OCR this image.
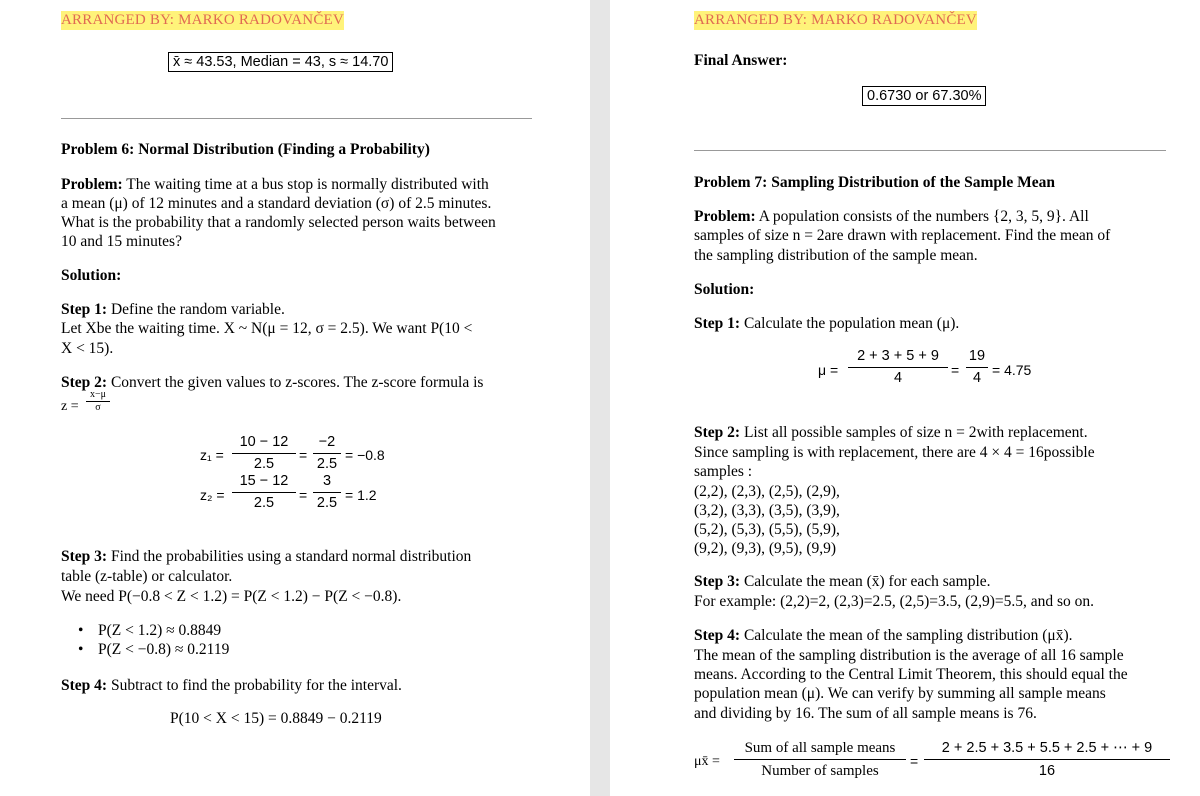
ARRANGED BY: MARKO RADOVANČEV
x̄ ≈ 43.53, Median = 43, s ≈ 14.70
Problem 6: Normal Distribution (Finding a Probability)
Problem: The waiting time at a bus stop is normally distributed with
a mean (μ) of 12 minutes and a standard deviation (σ) of 2.5 minutes.
What is the probability that a randomly selected person waits between
10 and 15 minutes?
Solution:
Step 1: Define the random variable.
Let Xbe the waiting time. X ~ N(μ = 12, σ = 2.5). We want P(10 <
X < 15).
Step 2: Convert the given values to z-scores. The z-score formula is
$z = \frac{x-\mu}{\sigma}$
$z_1 = \frac{10 - 12}{2.5} = \frac{-2}{2.5} = -0.8$
$z_2 = \frac{15 - 12}{2.5} = \frac{3}{2.5} = 1.2$
Step 3: Find the probabilities using a standard normal distribution
table (z-table) or calculator.
We need P(−0.8 < Z < 1.2) = P(Z < 1.2) − P(Z < −0.8).
• P(Z < 1.2) ≈ 0.8849
• P(Z < −0.8) ≈ 0.2119
Step 4: Subtract to find the probability for the interval.
P(10 < X < 15) = 0.8849 − 0.2119
ARRANGED BY: MARKO RADOVANČEV
Final Answer:
0.6730 or 67.30%
Problem 7: Sampling Distribution of the Sample Mean
Problem: A population consists of the numbers {2, 3, 5, 9}. All
samples of size n = 2are drawn with replacement. Find the mean of
the sampling distribution of the sample mean.
Solution:
Step 1: Calculate the population mean (μ).
$\mu = \frac{2 + 3 + 5 + 9}{4} = \frac{19}{4} = 4.75$
Step 2: List all possible samples of size n = 2with replacement.
Since sampling is with replacement, there are 4 × 4 = 16possible
samples :
(2,2), (2,3), (2,5), (2,9),
(3,2), (3,3), (3,5), (3,9),
(5,2), (5,3), (5,5), (5,9),
(9,2), (9,3), (9,5), (9,9)
Step 3: Calculate the mean (x̄) for each sample.
For example: (2,2)=2, (2,3)=2.5, (2,5)=3.5, (2,9)=5.5, and so on.
Step 4: Calculate the mean of the sampling distribution (μx̄).
The mean of the sampling distribution is the average of all 16 sample
means. According to the Central Limit Theorem, this should equal the
population mean (μ). We can verify by summing all sample means
and dividing by 16. The sum of all sample means is 76.
μx̄ =
Sum of all sample means
Number of samples
= $\frac{2 + 2.5 + 3.5 + 5.5 + 2.5 + \cdots + 9}{16}$
